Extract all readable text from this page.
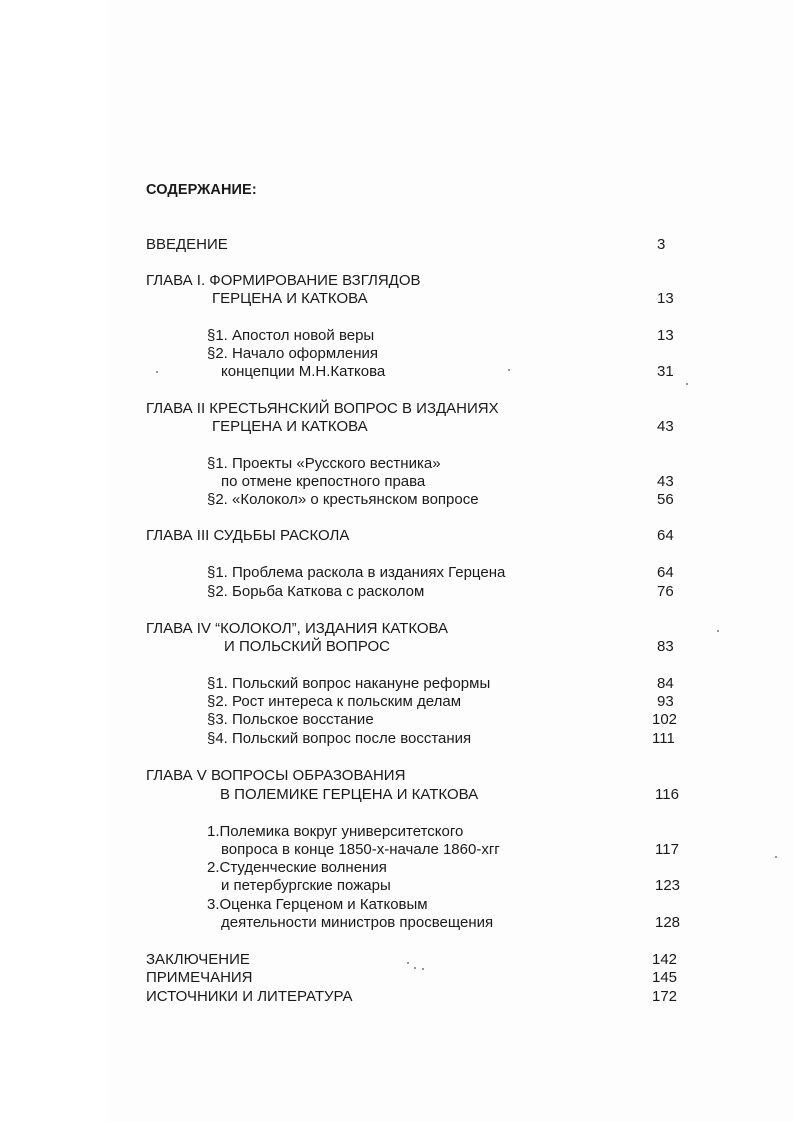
СОДЕРЖАНИЕ:

ВВЕДЕНИЕ	3

ГЛАВА I. ФОРМИРОВАНИЕ ВЗГЛЯДОВ

ГЕРЦЕНА И КАТКОВА	13

§1. Апостол новой веры	13

§2. Начало оформления

концепции М.Н.Каткова	31

ГЛАВА II КРЕСТЬЯНСКИЙ ВОПРОС В ИЗДАНИЯХ

ГЕРЦЕНА И КАТКОВА	43

§1. Проекты «Русского вестника»

по отмене крепостного права	43

§2. «Колокол» о крестьянском вопросе	56

ГЛАВА III СУДЬБЫ РАСКОЛА	64

§1. Проблема раскола в изданиях Герцена	64

§2. Борьба Каткова с расколом	76

ГЛАВА IV “КОЛОКОЛ”, ИЗДАНИЯ КАТКОВА

И ПОЛЬСКИЙ ВОПРОС	83

§1. Польский вопрос накануне реформы	84

§2. Рост интереса к польским делам	93

§3. Польское восстание	102

§4. Польский вопрос после восстания	111

ГЛАВА V ВОПРОСЫ ОБРАЗОВАНИЯ

В ПОЛЕМИКЕ ГЕРЦЕНА И КАТКОВА	116

1.Полемика вокруг университетского

вопроса в конце 1850-х-начале 1860-хгг	117

2.Студенческие волнения

и петербургские пожары	123

3.Оценка Герценом и Катковым

деятельности министров просвещения	128

ЗАКЛЮЧЕНИЕ	142

ПРИМЕЧАНИЯ	145

ИСТОЧНИКИ И ЛИТЕРАТУРА	172
